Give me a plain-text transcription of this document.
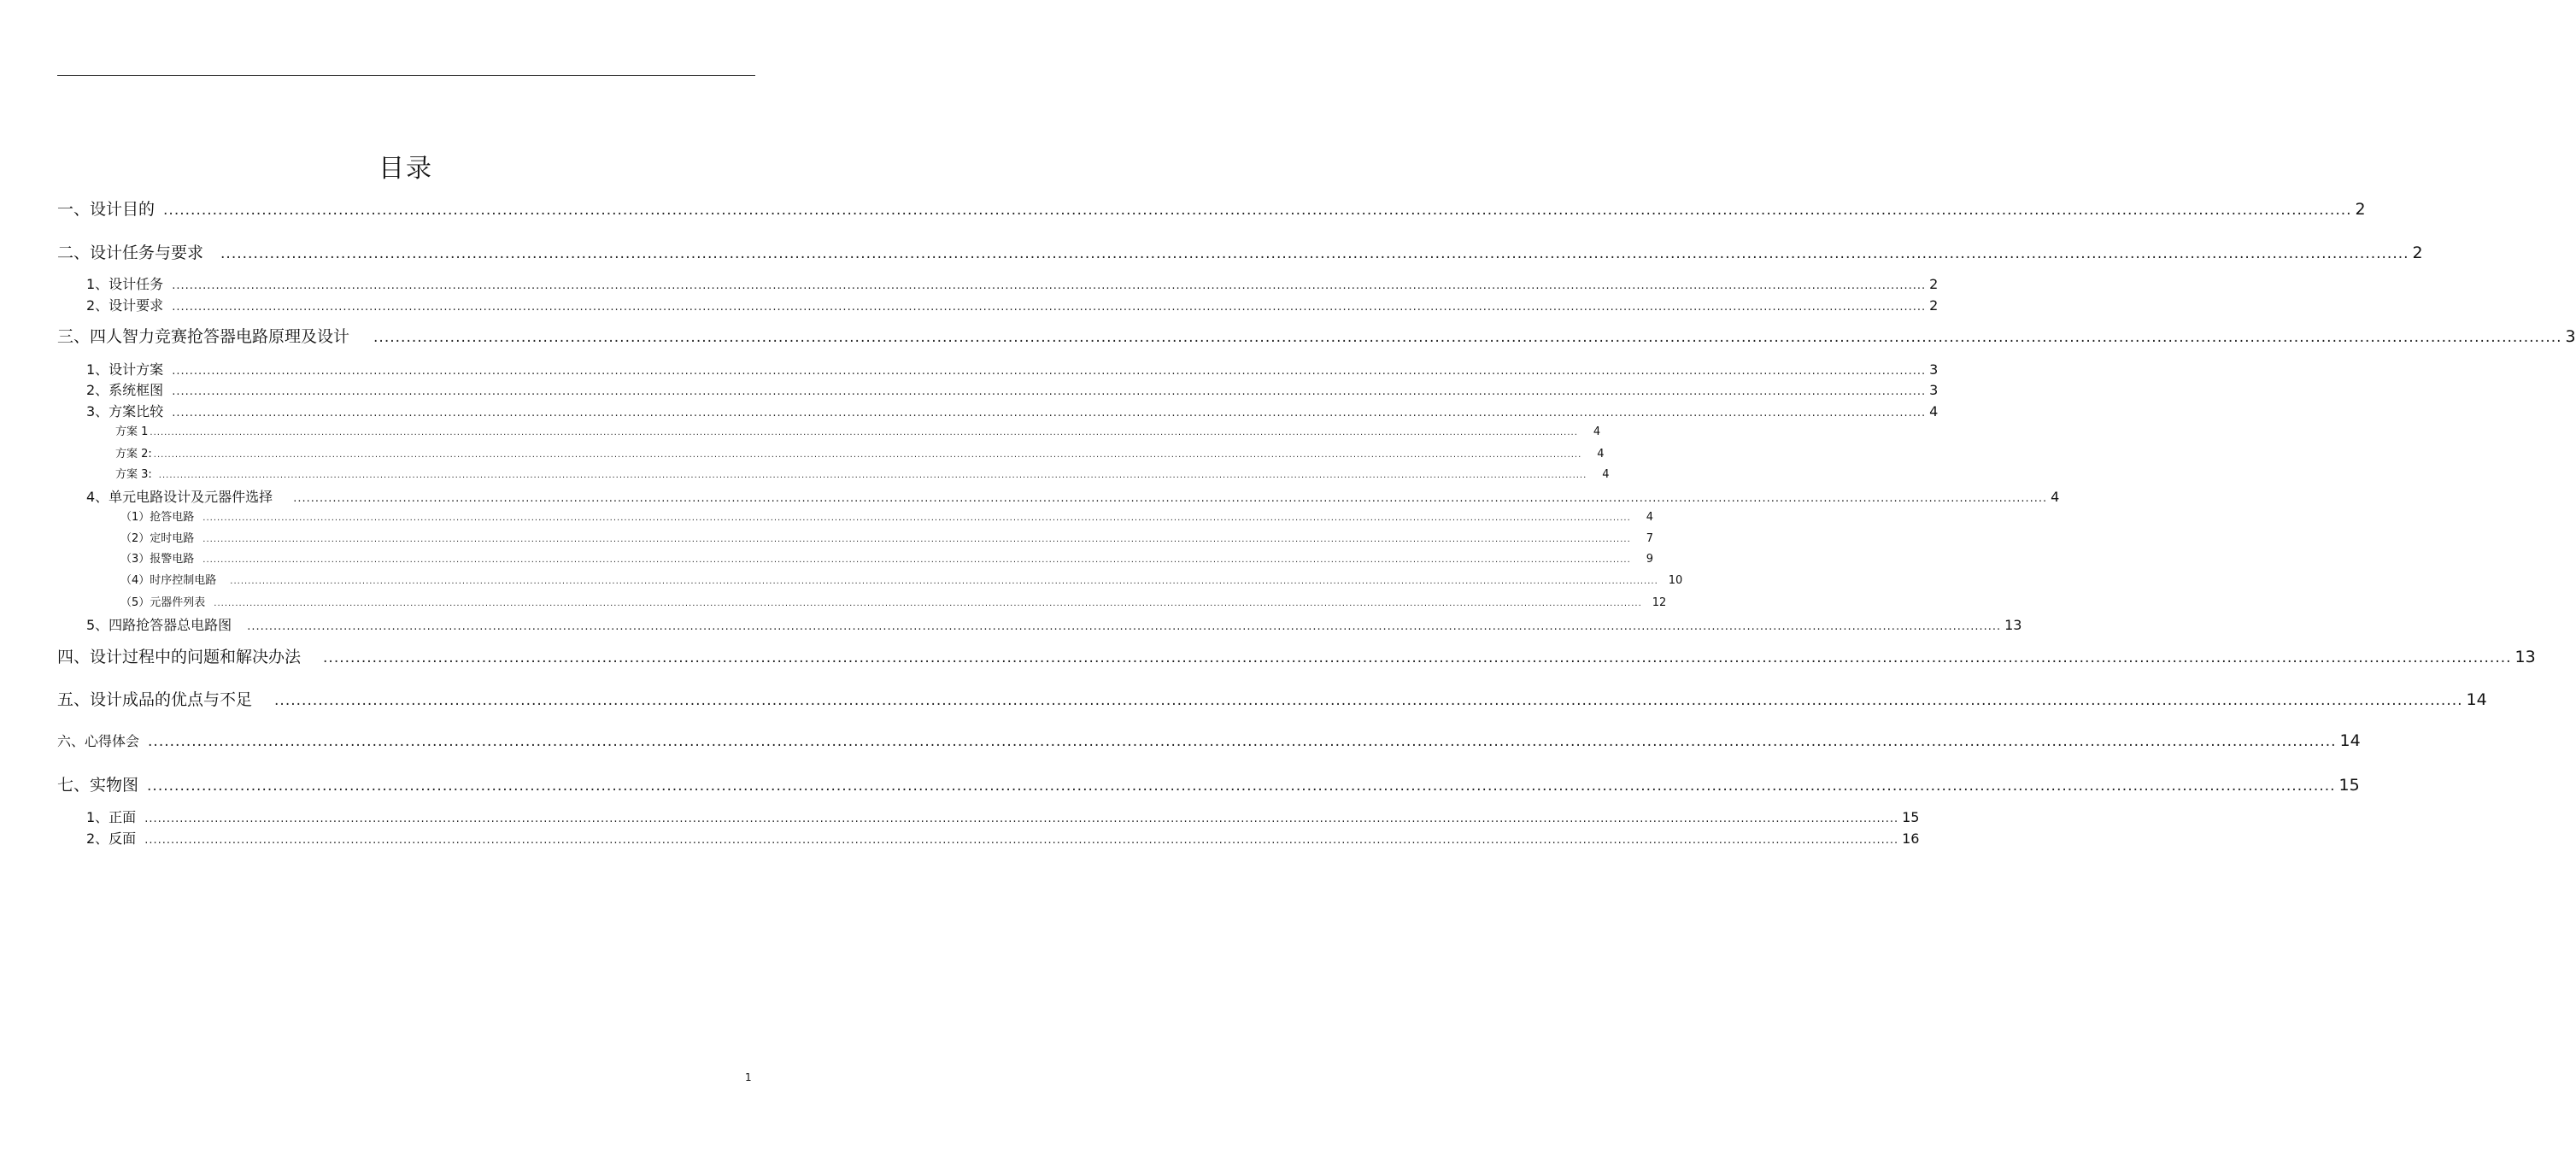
目录
一、设计目的 ................................................................................................................................................................................................................................................................................................................................................................................................................ 2
二、设计任务与要求 ................................................................................................................................................................................................................................................................................................................................................................................................................ 2
1、设计任务 ................................................................................................................................................................................................................................................................................................................................................................................................................ 2
2、设计要求 ................................................................................................................................................................................................................................................................................................................................................................................................................ 2
三、四人智力竞赛抢答器电路原理及设计 ................................................................................................................................................................................................................................................................................................................................................................................................................ 3
1、设计方案 ................................................................................................................................................................................................................................................................................................................................................................................................................ 3
2、系统框图 ................................................................................................................................................................................................................................................................................................................................................................................................................ 3
3、方案比较 ................................................................................................................................................................................................................................................................................................................................................................................................................ 4
方案 1 ................................................................................................................................................................................................................................................................................................................................................................................................................ 4
方案 2: ................................................................................................................................................................................................................................................................................................................................................................................................................ 4
方案 3: ................................................................................................................................................................................................................................................................................................................................................................................................................ 4
4、单元电路设计及元器件选择 ................................................................................................................................................................................................................................................................................................................................................................................................................ 4
（1）抢答电路 ................................................................................................................................................................................................................................................................................................................................................................................................................ 4
（2）定时电路 ................................................................................................................................................................................................................................................................................................................................................................................................................ 7
（3）报警电路 ................................................................................................................................................................................................................................................................................................................................................................................................................ 9
（4）时序控制电路 ................................................................................................................................................................................................................................................................................................................................................................................................................ 10
（5）元器件列表 ................................................................................................................................................................................................................................................................................................................................................................................................................ 12
5、四路抢答器总电路图 ................................................................................................................................................................................................................................................................................................................................................................................................................ 13
四、设计过程中的问题和解决办法 ................................................................................................................................................................................................................................................................................................................................................................................................................ 13
五、设计成品的优点与不足 ................................................................................................................................................................................................................................................................................................................................................................................................................ 14
六、心得体会 ................................................................................................................................................................................................................................................................................................................................................................................................................ 14
七、实物图 ................................................................................................................................................................................................................................................................................................................................................................................................................ 15
1、正面 ................................................................................................................................................................................................................................................................................................................................................................................................................ 15
2、反面 ................................................................................................................................................................................................................................................................................................................................................................................................................ 16
1
